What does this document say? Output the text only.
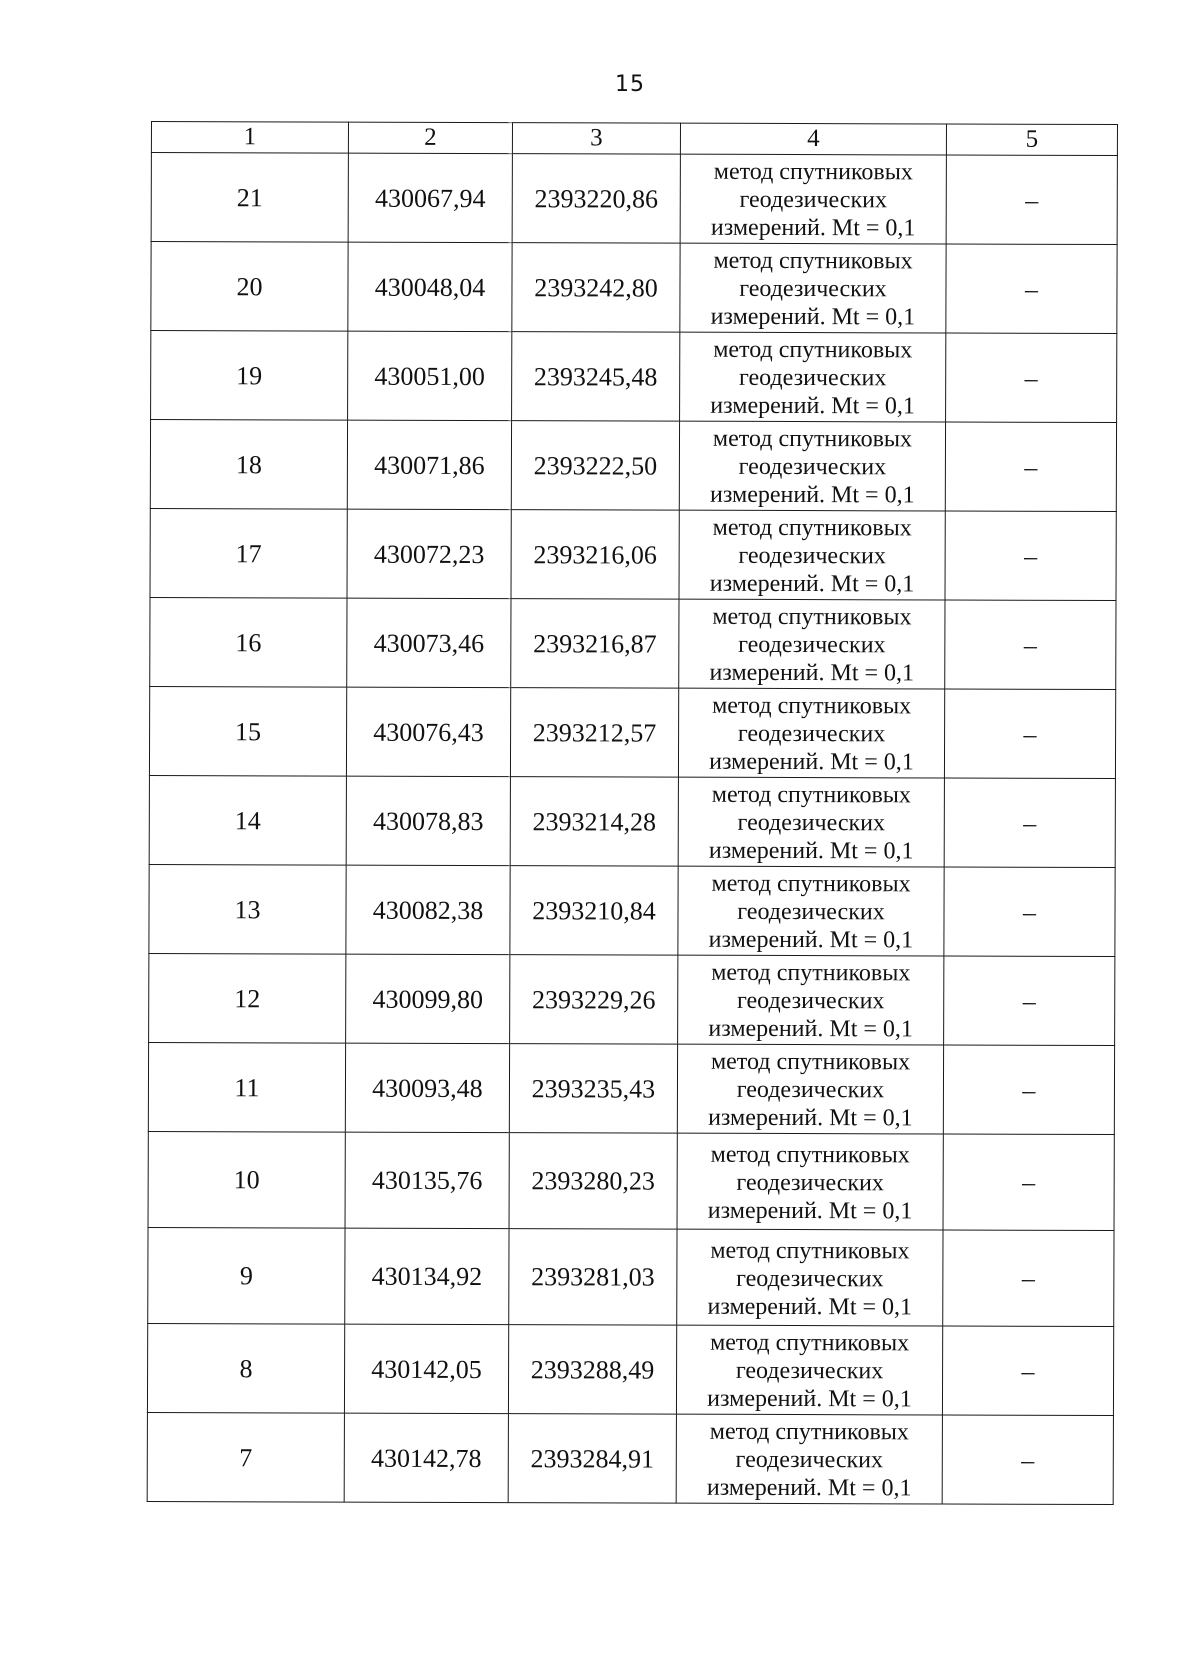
15
1	2	3	4	5
21	430067,94	2393220,86	метод спутниковых
геодезических
измерений. Mt = 0,1	–
20	430048,04	2393242,80	метод спутниковых
геодезических
измерений. Mt = 0,1	–
19	430051,00	2393245,48	метод спутниковых
геодезических
измерений. Mt = 0,1	–
18	430071,86	2393222,50	метод спутниковых
геодезических
измерений. Mt = 0,1	–
17	430072,23	2393216,06	метод спутниковых
геодезических
измерений. Mt = 0,1	–
16	430073,46	2393216,87	метод спутниковых
геодезических
измерений. Mt = 0,1	–
15	430076,43	2393212,57	метод спутниковых
геодезических
измерений. Mt = 0,1	–
14	430078,83	2393214,28	метод спутниковых
геодезических
измерений. Mt = 0,1	–
13	430082,38	2393210,84	метод спутниковых
геодезических
измерений. Mt = 0,1	–
12	430099,80	2393229,26	метод спутниковых
геодезических
измерений. Mt = 0,1	–
11	430093,48	2393235,43	метод спутниковых
геодезических
измерений. Mt = 0,1	–
10	430135,76	2393280,23	метод спутниковых
геодезических
измерений. Mt = 0,1	–
9	430134,92	2393281,03	метод спутниковых
геодезических
измерений. Mt = 0,1	–
8	430142,05	2393288,49	метод спутниковых
геодезических
измерений. Mt = 0,1	–
7	430142,78	2393284,91	метод спутниковых
геодезических
измерений. Mt = 0,1	–
